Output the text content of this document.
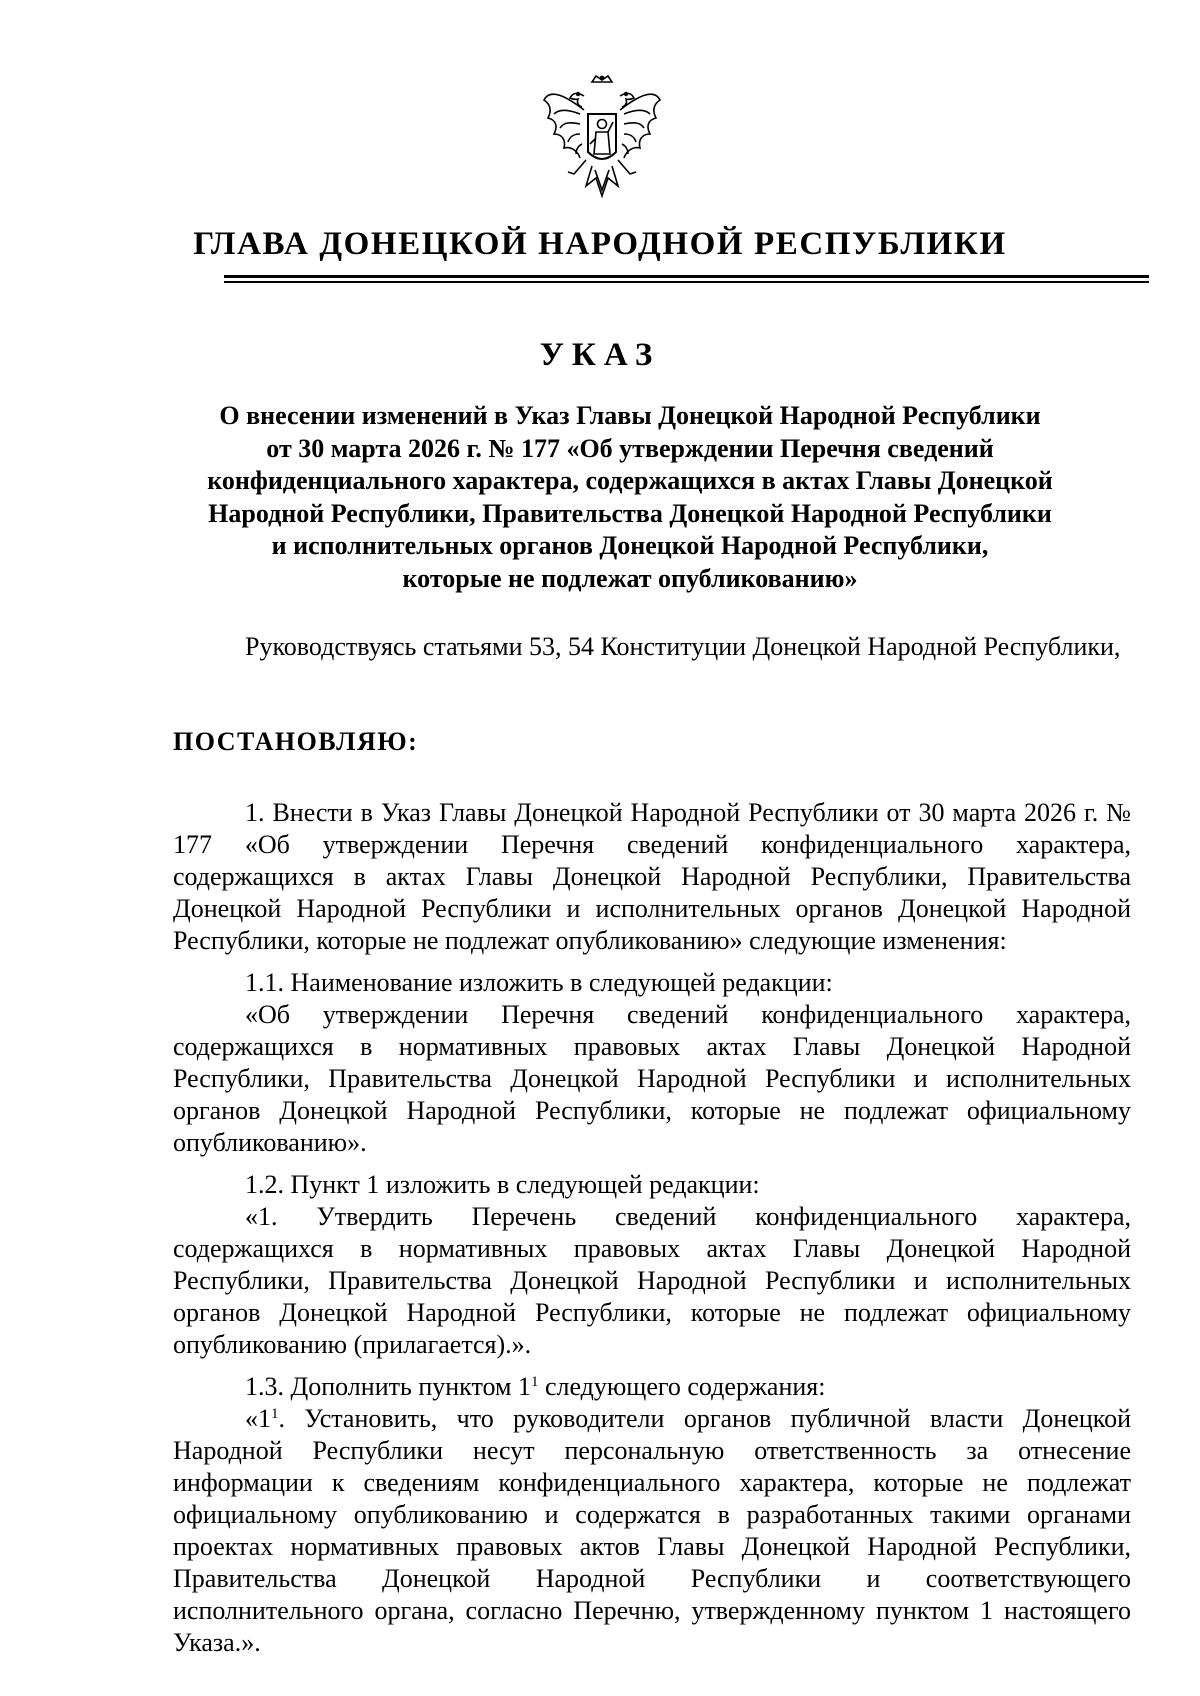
ГЛАВА ДОНЕЦКОЙ НАРОДНОЙ РЕСПУБЛИКИ
УКАЗ
О внесении изменений в Указ Главы Донецкой Народной Республики
от 30 марта 2026 г. № 177 «Об утверждении Перечня сведений
конфиденциального характера, содержащихся в актах Главы Донецкой
Народной Республики, Правительства Донецкой Народной Республики
и исполнительных органов Донецкой Народной Республики,
которые не подлежат опубликованию»

Руководствуясь статьями 53, 54 Конституции Донецкой Народной Республики,

ПОСТАНОВЛЯЮ:

1. Внести в Указ Главы Донецкой Народной Республики от 30 марта 2026 г. № 177 «Об утверждении Перечня сведений конфиденциального характера, содержащихся в актах Главы Донецкой Народной Республики, Правительства Донецкой Народной Республики и исполнительных органов Донецкой Народной Республики, которые не подлежат опубликованию» следующие изменения:

1.1. Наименование изложить в следующей редакции:

«Об утверждении Перечня сведений конфиденциального характера, содержащихся в нормативных правовых актах Главы Донецкой Народной Республики, Правительства Донецкой Народной Республики и исполнительных органов Донецкой Народной Республики, которые не подлежат официальному опубликованию».

1.2. Пункт 1 изложить в следующей редакции:

«1. Утвердить Перечень сведений конфиденциального характера, содержащихся в нормативных правовых актах Главы Донецкой Народной Республики, Правительства Донецкой Народной Республики и исполнительных органов Донецкой Народной Республики, которые не подлежат официальному опубликованию (прилагается).».

1.3. Дополнить пунктом $1^1$ следующего содержания:

«$1^1$. Установить, что руководители органов публичной власти Донецкой Народной Республики несут персональную ответственность за отнесение информации к сведениям конфиденциального характера, которые не подлежат официальному опубликованию и содержатся в разработанных такими органами проектах нормативных правовых актов Главы Донецкой Народной Республики, Правительства Донецкой Народной Республики и соответствующего исполнительного органа, согласно Перечню, утвержденному пунктом 1 настоящего Указа.».
